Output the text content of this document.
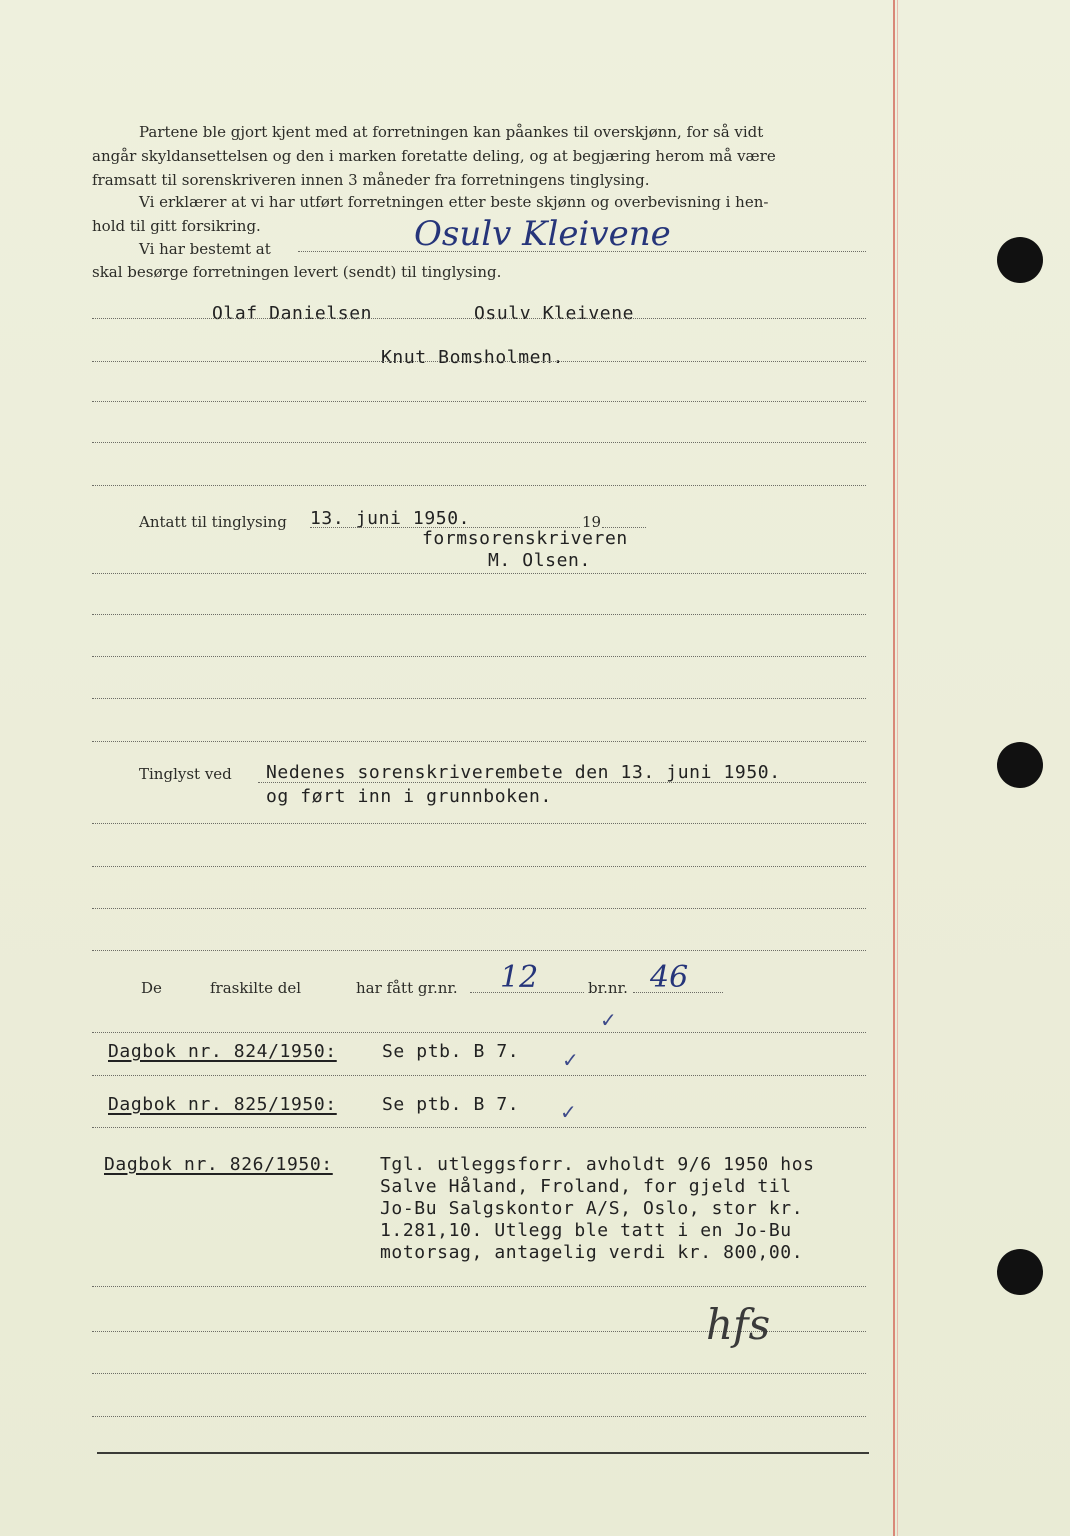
Partene ble gjort kjent med at forretningen kan påankes til overskjønn, for så vidt
angår skyldansettelsen og den i marken foretatte deling, og at begjæring herom må være
framsatt til sorenskriveren innen 3 måneder fra forretningens tinglysing.
Vi erklærer at vi har utført forretningen etter beste skjønn og overbevisning i hen-
hold til gitt forsikring.
Vi har bestemt at	Osulv Kleivene
skal besørge forretningen levert (sendt) til tinglysing.
Olaf Danielsen	Osulv Kleivene
Knut Bomsholmen.
Antatt til tinglysing 13. juni 1950.	19
formsorenskriveren
M. Olsen.
Tinglyst ved Nedenes sorenskriverembete den 13. juni 1950.
og ført inn i grunnboken.
De	fraskilte del	har fått gr.nr. 12	br.nr. 46
✓
Dagbok nr. 824/1950:	Se ptb. B 7. ✓
Dagbok nr. 825/1950:	Se ptb. B 7. ✓
Dagbok nr. 826/1950:	Tgl. utleggsforr. avholdt 9/6 1950 hos
Salve Håland, Froland, for gjeld til
Jo-Bu Salgskontor A/S, Oslo, stor kr.
1.281,10. Utlegg ble tatt i en Jo-Bu
motorsag, antagelig verdi kr. 800,00.
hfs
